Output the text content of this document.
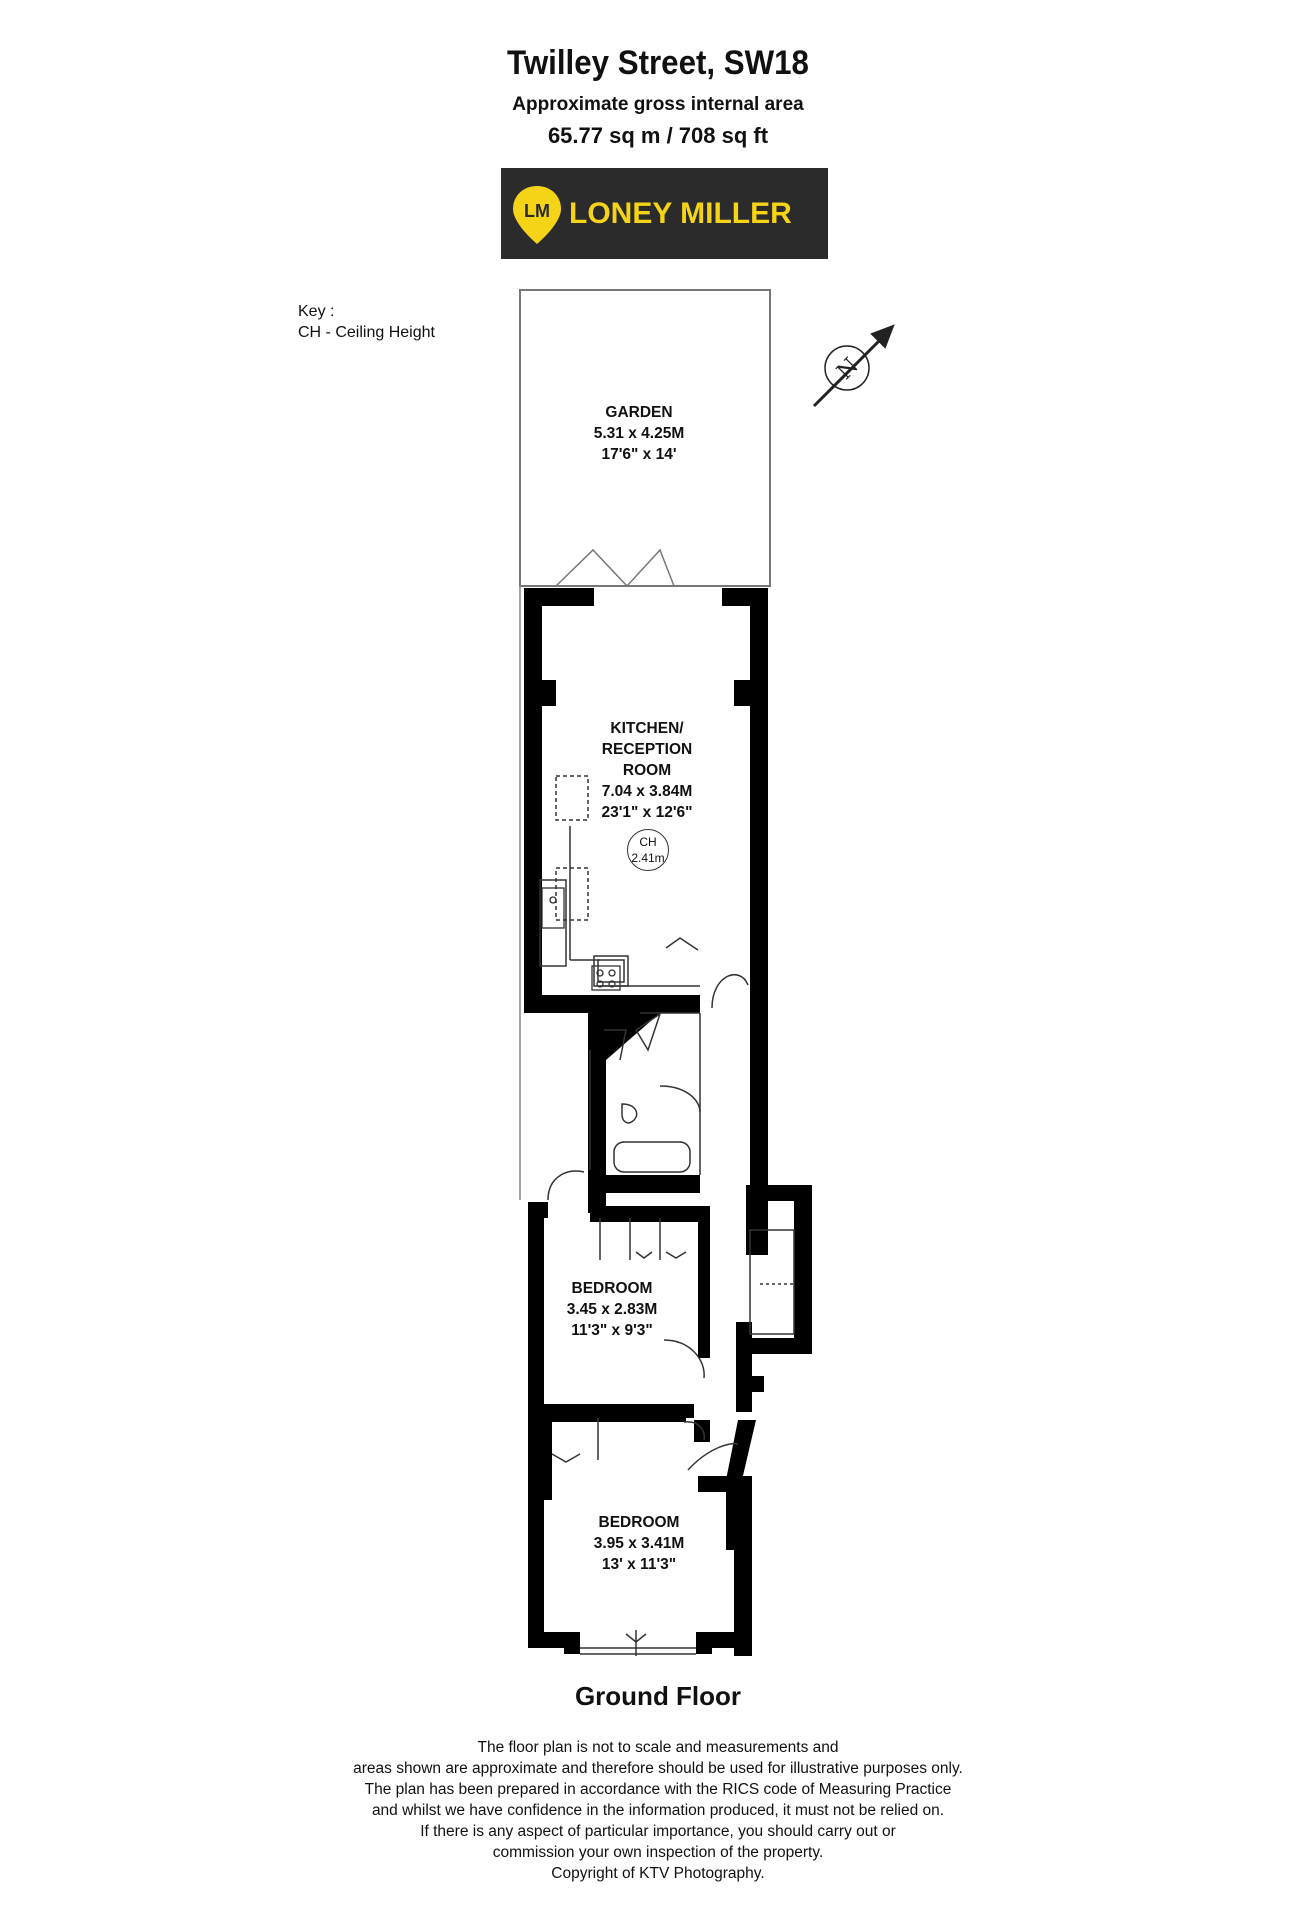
Twilley Street, SW18
Approximate gross internal area
65.77 sq m / 708 sq ft
LM LONEY MILLER
Key :
CH - Ceiling Height
N
GARDEN
5.31 x 4.25M
17'6" x 14'
KITCHEN/
RECEPTION
ROOM
7.04 x 3.84M
23'1" x 12'6"
CH
2.41m
BEDROOM
3.45 x 2.83M
11'3" x 9'3"
BEDROOM
3.95 x 3.41M
13' x 11'3"
Ground Floor
The floor plan is not to scale and measurements and
areas shown are approximate and therefore should be used for illustrative purposes only.
The plan has been prepared in accordance with the RICS code of Measuring Practice
and whilst we have confidence in the information produced, it must not be relied on.
If there is any aspect of particular importance, you should carry out or
commission your own inspection of the property.
Copyright of KTV Photography.
